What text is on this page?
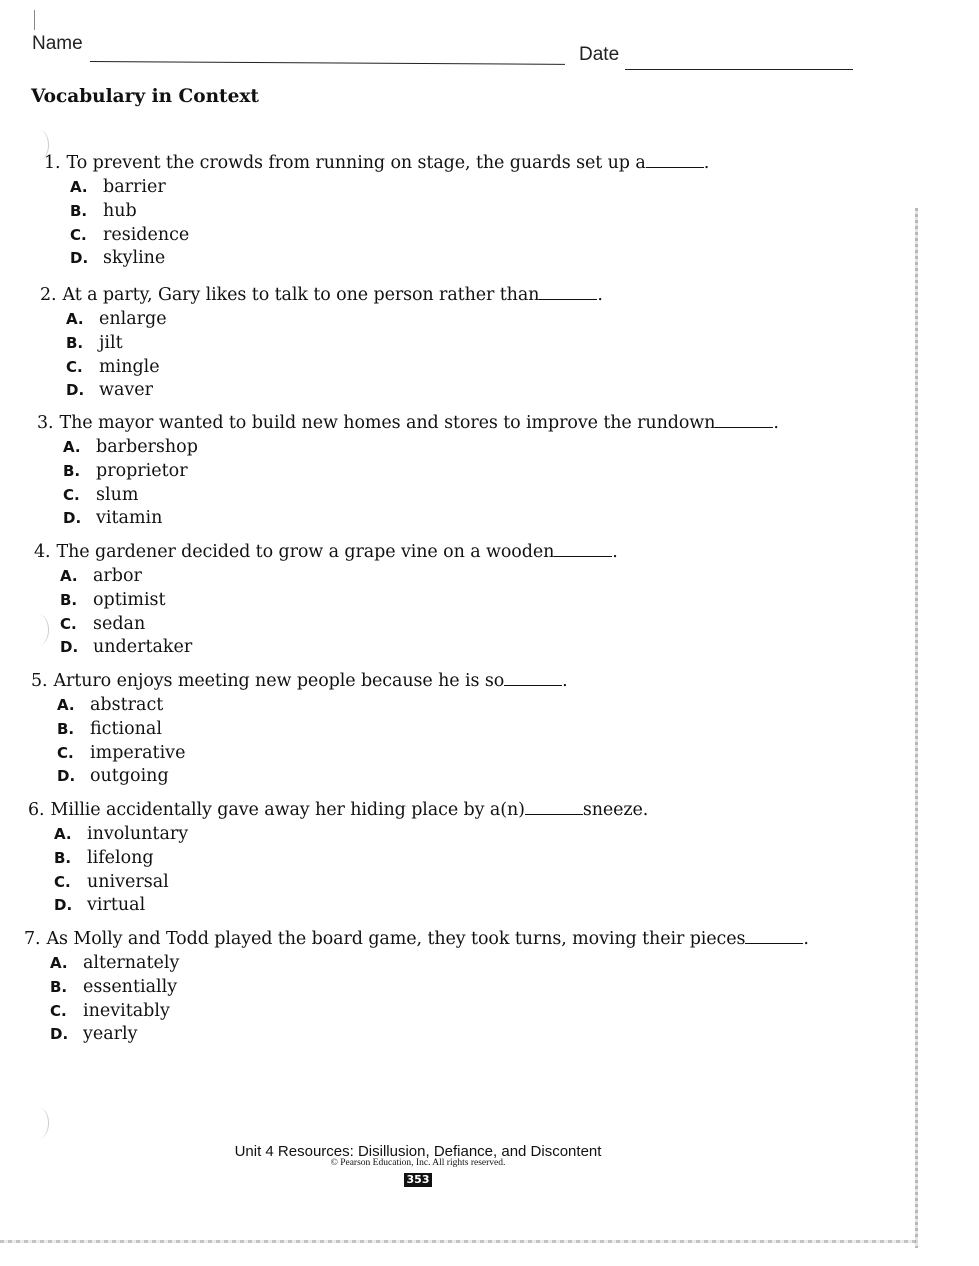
Name
Date
Vocabulary in Context
1. To prevent the crowds from running on stage, the guards set up a	.
A. barrier
B. hub
C. residence
D. skyline
2. At a party, Gary likes to talk to one person rather than	.
A. enlarge
B. jilt
C. mingle
D. waver
3. The mayor wanted to build new homes and stores to improve the rundown	.
A. barbershop
B. proprietor
C. slum
D. vitamin
4. The gardener decided to grow a grape vine on a wooden	.
A. arbor
B. optimist
C. sedan
D. undertaker
5. Arturo enjoys meeting new people because he is so	.
A. abstract
B. fictional
C. imperative
D. outgoing
6. Millie accidentally gave away her hiding place by a(n)	sneeze.
A. involuntary
B. lifelong
C. universal
D. virtual
7. As Molly and Todd played the board game, they took turns, moving their pieces	.
A. alternately
B. essentially
C. inevitably
D. yearly
Unit 4 Resources: Disillusion, Defiance, and Discontent
© Pearson Education, Inc. All rights reserved.
353
